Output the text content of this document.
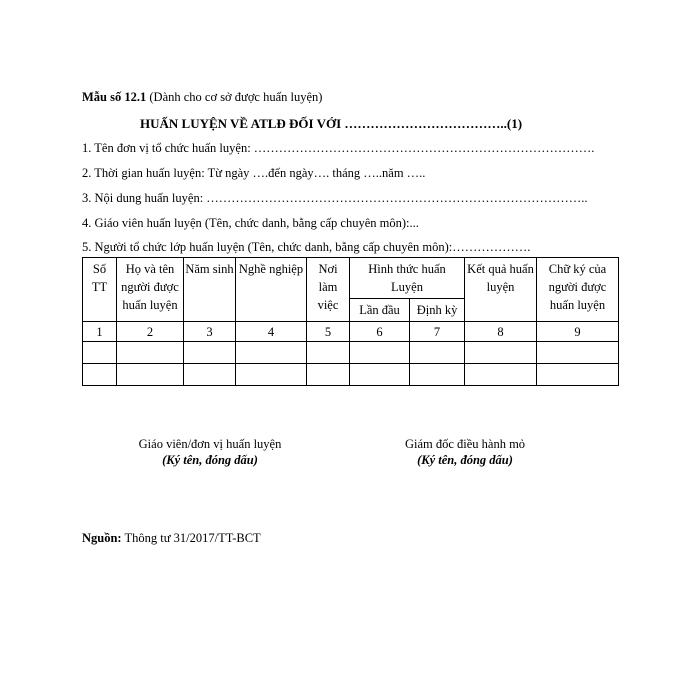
Mẫu số 12.1 (Dành cho cơ sở được huấn luyện)
HUẤN LUYỆN VỀ ATLĐ ĐỐI VỚI ………………………………..(1)
1. Tên đơn vị tổ chức huấn luyện: ……………………………………………………………………….
2. Thời gian huấn luyện: Từ ngày ….đến ngày…. tháng …..năm …..
3. Nội dung huấn luyện: ………………………………………………………………………………..
4. Giáo viên huấn luyện (Tên, chức danh, bằng cấp chuyên môn):...
5. Người tổ chức lớp huấn luyện (Tên, chức danh, bằng cấp chuyên môn):……………….
Số TT	Họ và tên người được huấn luyện	Năm sinh	Nghề nghiệp	Nơi làm việc	Hình thức huấn Luyện		Kết quả huấn luyện	Chữ ký của người được huấn luyện
					Lần đầu	Định kỳ		
1	2	3	4	5	6	7	8	9

Giáo viên/đơn vị huấn luyện
(Ký tên, đóng dấu)
Giám đốc điều hành mỏ
(Ký tên, đóng dấu)
Nguồn: Thông tư 31/2017/TT-BCT
